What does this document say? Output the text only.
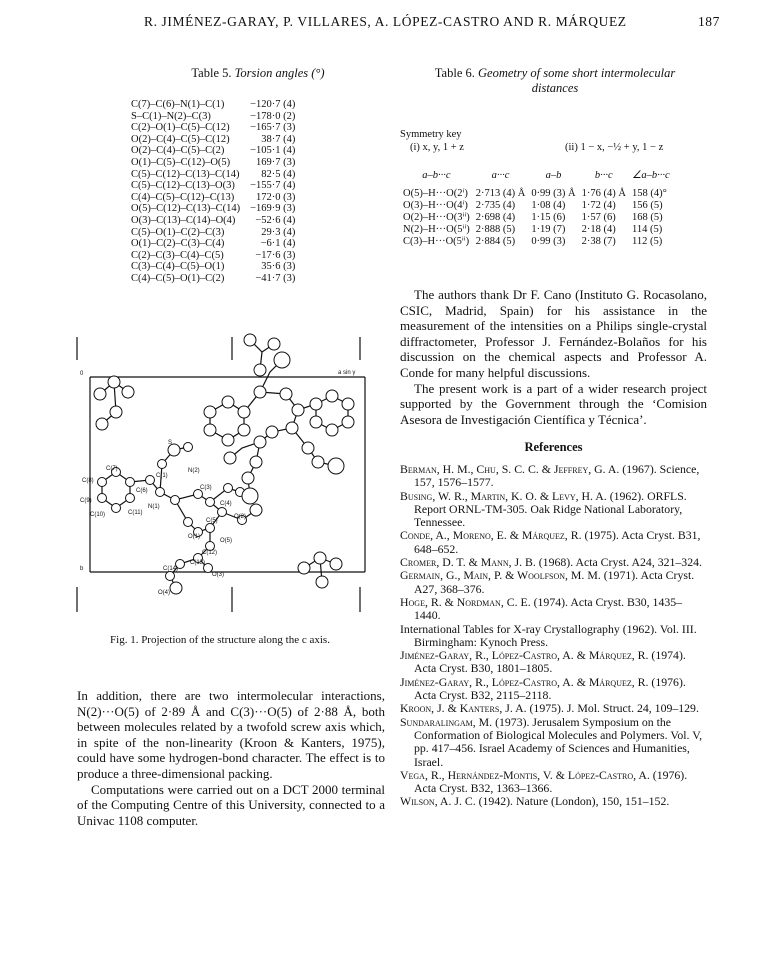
R. JIMÉNEZ-GARAY, P. VILLARES, A. LÓPEZ-CASTRO AND R. MÁRQUEZ	187
Table 5. Torsion angles (°)
C(7)–C(6)–N(1)–C(1)	−120·7 (4)
S–C(1)–N(2)–C(3)	−178·0 (2)
C(2)–O(1)–C(5)–C(12)	−165·7 (3)
O(2)–C(4)–C(5)–C(12)	38·7 (4)
O(2)–C(4)–C(5)–C(2)	−105·1 (4)
O(1)–C(5)–C(12)–O(5)	169·7 (3)
C(5)–C(12)–C(13)–C(14)	82·5 (4)
C(5)–C(12)–C(13)–O(3)	−155·7 (4)
C(4)–C(5)–C(12)–C(13)	172·0 (3)
O(5)–C(12)–C(13)–C(14)	−169·9 (3)
O(3)–C(13)–C(14)–O(4)	−52·6 (4)
C(5)–O(1)–C(2)–C(3)	29·3 (4)
O(1)–C(2)–C(3)–C(4)	−6·1 (4)
C(2)–C(3)–C(4)–C(5)	−17·6 (3)
C(3)–C(4)–C(5)–O(1)	35·6 (3)
C(4)–C(5)–O(1)–C(2)	−41·7 (3)
Table 6. Geometry of some short intermolecular
distances
Symmetry key
(i) x, y, 1 + z	(ii) 1 − x, −½ + y, 1 − z
a–b···c	a···c	a–b	b···c	∠a–b···c
O(5)–H···O(2ⁱ)	2·713 (4) Å	0·99 (3) Å	1·76 (4) Å	158 (4)°
O(3)–H···O(4ⁱ)	2·735 (4)	1·08 (4)	1·72 (4)	156 (5)
O(2)–H···O(3ⁱⁱ)	2·698 (4)	1·15 (6)	1·57 (6)	168 (5)
N(2)–H···O(5ⁱⁱ)	2·888 (5)	1·19 (7)	2·18 (4)	114 (5)
C(3)–H···O(5ⁱⁱ)	2·884 (5)	0·99 (3)	2·38 (7)	112 (5)
0	a sin γ
b
S
N(2)
N(1)
C(1)
C(3)
C(4)
C(5)
C(6)
C(7)
C(8)
C(9)
C(10)	C(11)
C(12)
C(13)
C(14)
O(1)
O(2)
O(3)
O(4)
O(5)
Fig. 1. Projection of the structure along the c axis.

In addition, there are two intermolecular interactions, N(2)···O(5) of 2·89 Å and C(3)···O(5) of 2·88 Å, both between molecules related by a twofold screw axis which, in spite of the non-linearity (Kroon & Kanters, 1975), could have some hydrogen-bond character. The effect is to produce a three-dimensional packing.

Computations were carried out on a DCT 2000 terminal of the Computing Centre of this University, connected to a Univac 1108 computer.

The authors thank Dr F. Cano (Instituto G. Rocasolano, CSIC, Madrid, Spain) for his assistance in the measurement of the intensities on a Philips single-crystal diffractometer, Professor J. Fernández-Bolaños for his discussion on the chemical aspects and Professor A. Conde for many helpful discussions.

The present work is a part of a wider research project supported by the Government through the ‘Comision Asesora de Investigación Científica y Técnica’.

References

Berman, H. M., Chu, S. C. C. & Jeffrey, G. A. (1967). Science, 157, 1576–1577.

Busing, W. R., Martin, K. O. & Levy, H. A. (1962). ORFLS. Report ORNL-TM-305. Oak Ridge National Laboratory, Tennessee.

Conde, A., Moreno, E. & Márquez, R. (1975). Acta Cryst. B31, 648–652.

Cromer, D. T. & Mann, J. B. (1968). Acta Cryst. A24, 321–324.

Germain, G., Main, P. & Woolfson, M. M. (1971). Acta Cryst. A27, 368–376.

Hoge, R. & Nordman, C. E. (1974). Acta Cryst. B30, 1435–1440.

International Tables for X-ray Crystallography (1962). Vol. III. Birmingham: Kynoch Press.

Jiménez-Garay, R., López-Castro, A. & Márquez, R. (1974). Acta Cryst. B30, 1801–1805.

Jiménez-Garay, R., López-Castro, A. & Márquez, R. (1976). Acta Cryst. B32, 2115–2118.

Kroon, J. & Kanters, J. A. (1975). J. Mol. Struct. 24, 109–129.

Sundaralingam, M. (1973). Jerusalem Symposium on the Conformation of Biological Molecules and Polymers. Vol. V, pp. 417–456. Israel Academy of Sciences and Humanities, Israel.

Vega, R., Hernández-Montis, V. & López-Castro, A. (1976). Acta Cryst. B32, 1363–1366.

Wilson, A. J. C. (1942). Nature (London), 150, 151–152.
